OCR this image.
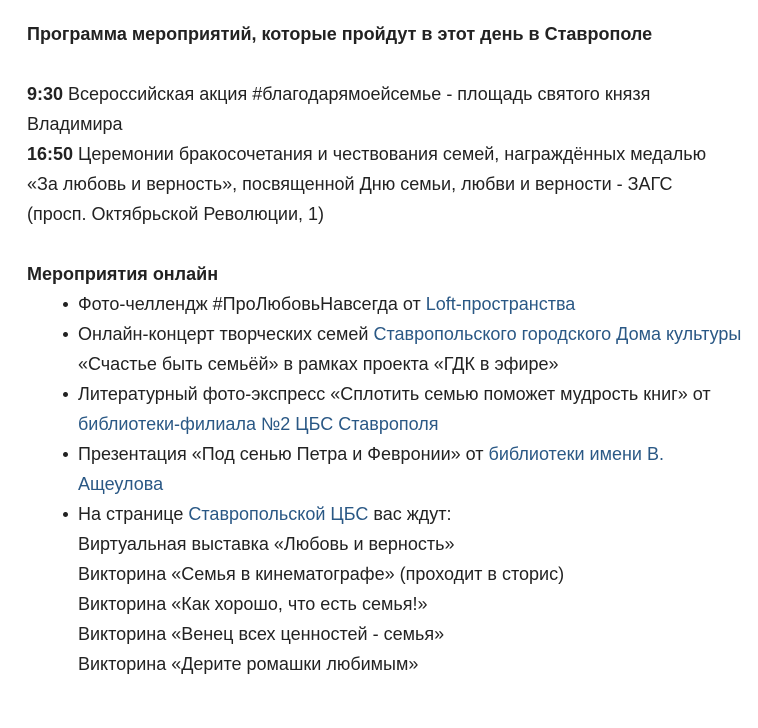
Программа мероприятий, которые пройдут в этот день в Ставрополе

9:30 Всероссийская акция #благодарямоейсемье - площадь святого князя Владимира

16:50 Церемонии бракосочетания и чествования семей, награждённых медалью «За любовь и верность», посвященной Дню семьи, любви и верности - ЗАГС (просп. Октябрьской Революции, 1)

Мероприятия онлайн

Фото-челлендж #ПроЛюбовьНавсегда от Loft-пространства
Онлайн-концерт творческих семей Ставропольского городского Дома культуры «Счастье быть семьёй» в рамках проекта «ГДК в эфире»
Литературный фото-экспресс «Сплотить семью поможет мудрость книг» от библиотеки-филиала №2 ЦБС Ставрополя
Презентация «Под сенью Петра и Февронии» от библиотеки имени В. Ащеулова
На странице Ставропольской ЦБС вас ждут:
Виртуальная выставка «Любовь и верность»
Викторина «Семья в кинематографе» (проходит в сторис)
Викторина «Как хорошо, что есть семья!»
Викторина «Венец всех ценностей - семья»
Викторина «Дерите ромашки любимым»
